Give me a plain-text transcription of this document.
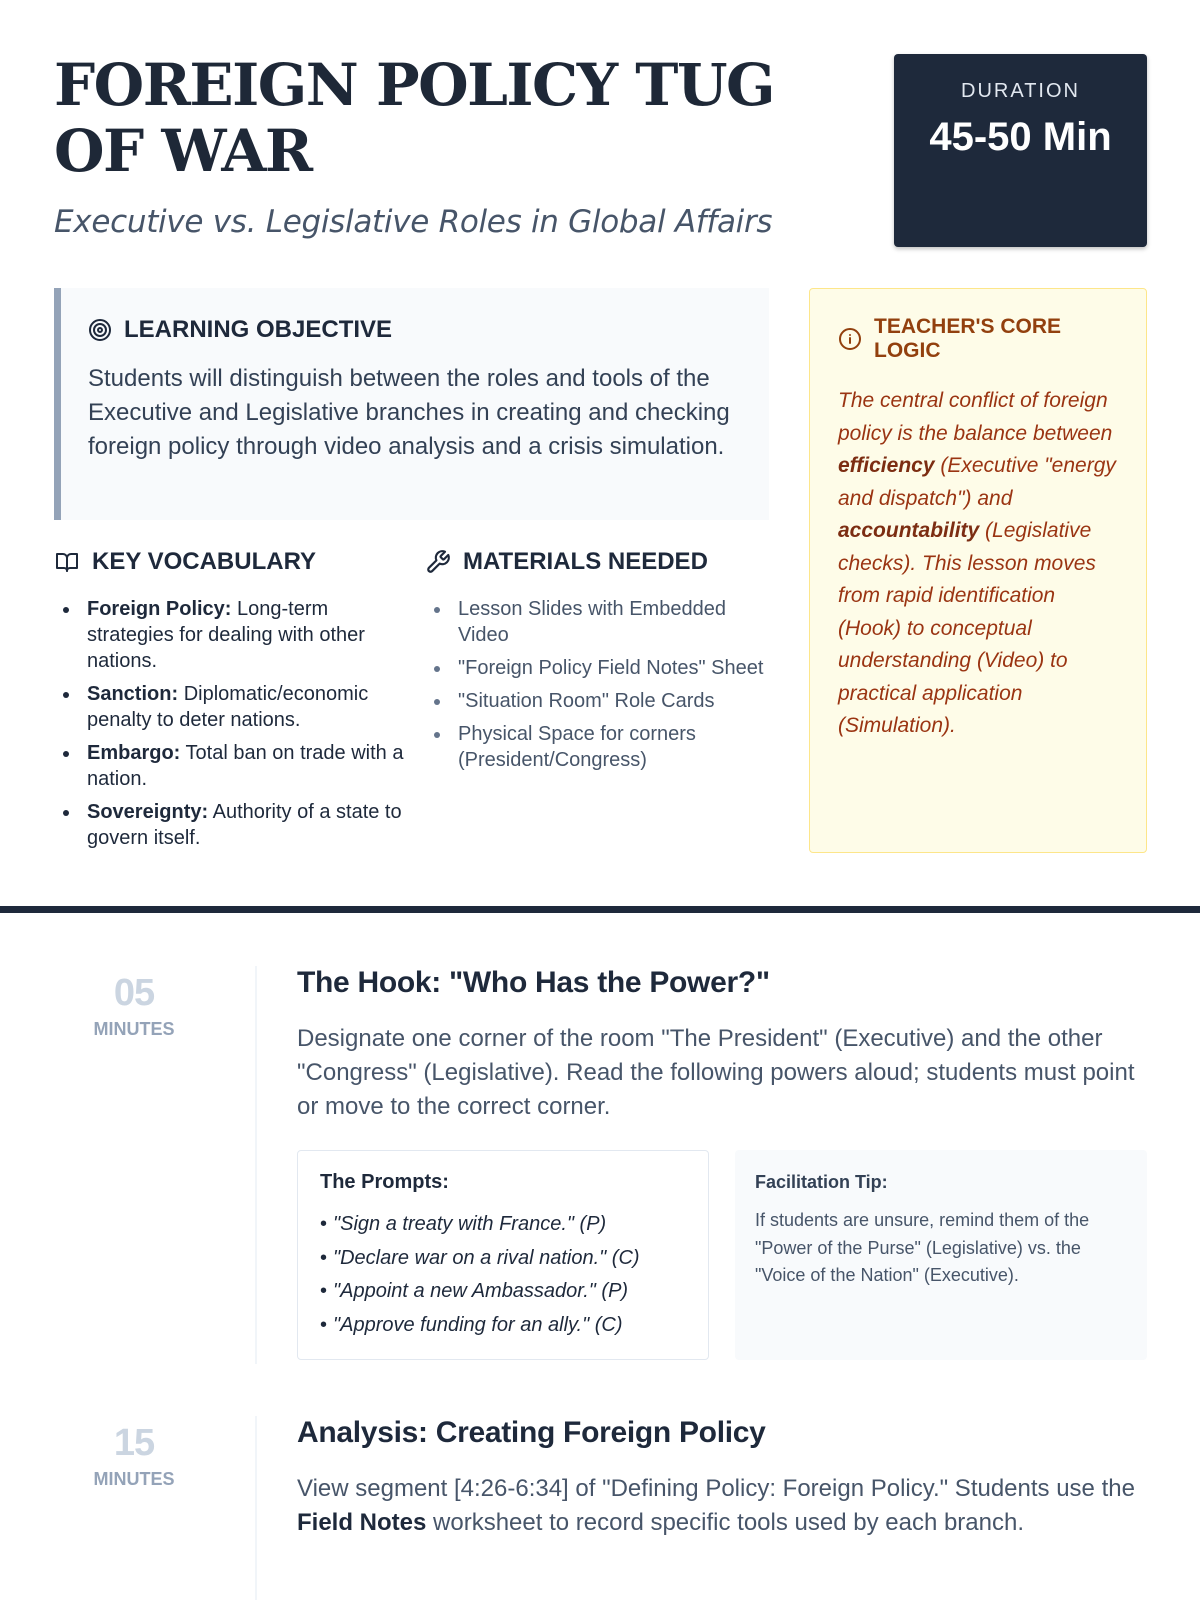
FOREIGN POLICY TUG OF WAR
Executive vs. Legislative Roles in Global Affairs
DURATION
45-50 Min
LEARNING OBJECTIVE

Students will distinguish between the roles and tools of the Executive and Legislative branches in creating and checking foreign policy through video analysis and a crisis simulation.

KEY VOCABULARY
Foreign Policy: Long-term strategies for dealing with other nations.
Sanction: Diplomatic/economic penalty to deter nations.
Embargo: Total ban on trade with a nation.
Sovereignty: Authority of a state to govern itself.
MATERIALS NEEDED
Lesson Slides with Embedded Video
"Foreign Policy Field Notes" Sheet
"Situation Room" Role Cards
Physical Space for corners (President/Congress)
TEACHER'S CORE LOGIC

The central conflict of foreign policy is the balance between efficiency (Executive "energy and dispatch") and accountability (Legislative checks). This lesson moves from rapid identification (Hook) to conceptual understanding (Video) to practical application (Simulation).

05
MINUTES
The Hook: "Who Has the Power?"

Designate one corner of the room "The President" (Executive) and the other "Congress" (Legislative). Read the following powers aloud; students must point or move to the correct corner.

The Prompts:
• "Sign a treaty with France." (P)
• "Declare war on a rival nation." (C)
• "Appoint a new Ambassador." (P)
• "Approve funding for an ally." (C)
Facilitation Tip:

If students are unsure, remind them of the "Power of the Purse" (Legislative) vs. the "Voice of the Nation" (Executive).

15
MINUTES
Analysis: Creating Foreign Policy

View segment [4:26-6:34] of "Defining Policy: Foreign Policy." Students use the Field Notes worksheet to record specific tools used by each branch.
